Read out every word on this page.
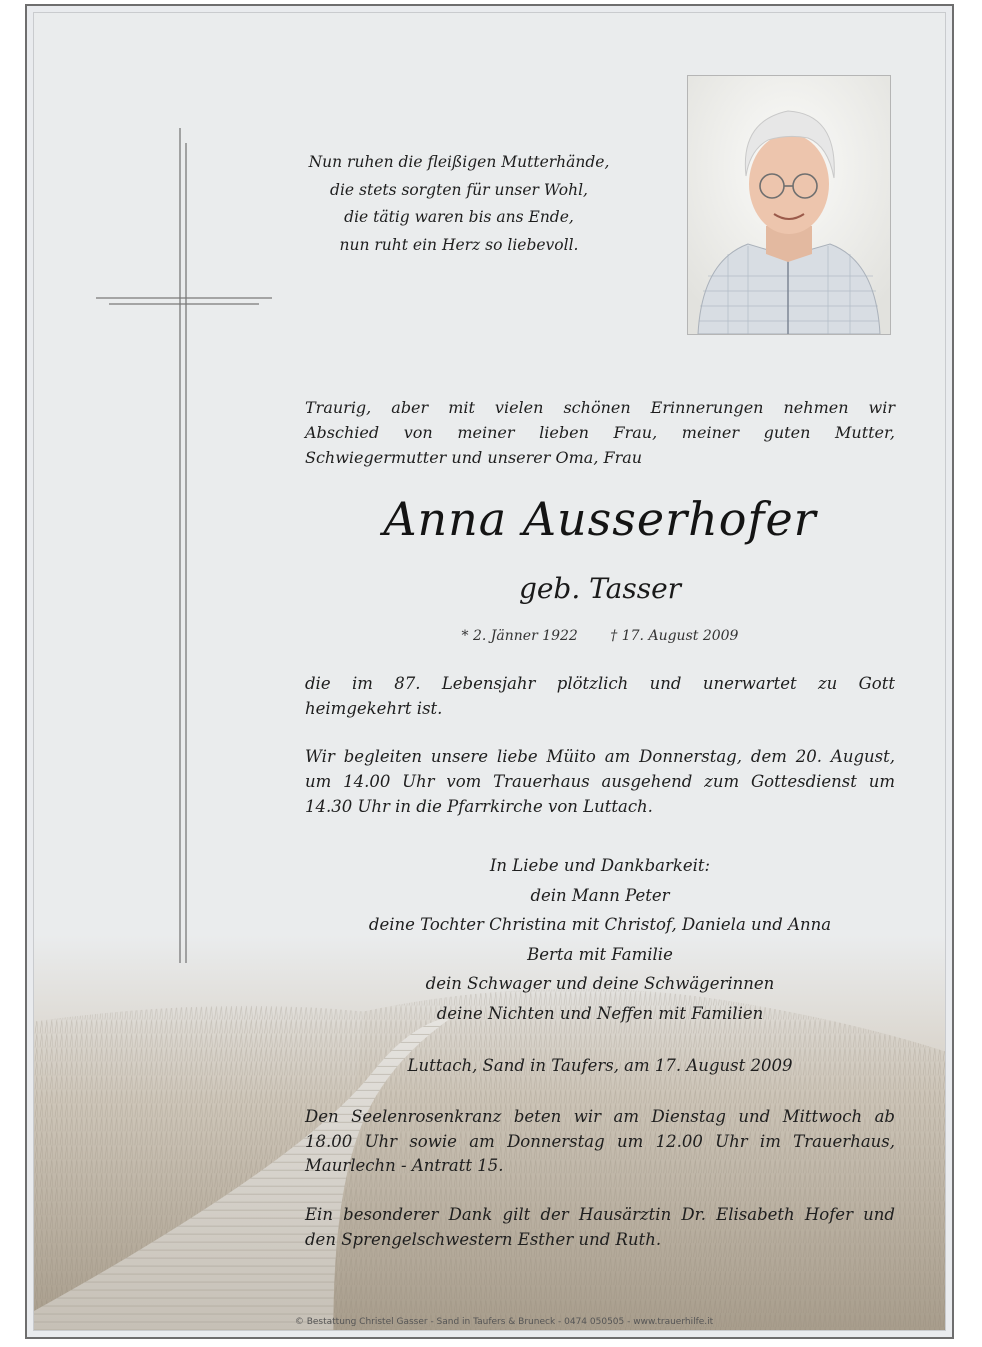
Nun ruhen die fleißigen Mutterhände,
die stets sorgten für unser Wohl,
die tätig waren bis ans Ende,
nun ruht ein Herz so liebevoll.
Traurig, aber mit vielen schönen Erinnerungen nehmen wir
Abschied von meiner lieben Frau, meiner guten Mutter,
Schwiegermutter und unserer Oma, Frau
Anna Ausserhofer
geb. Tasser
* 2. Jänner 1922 † 17. August 2009
die im 87. Lebensjahr plötzlich und unerwartet zu Gott
heimgekehrt ist.
Wir begleiten unsere liebe Müito am Donnerstag, dem 20. August,
um 14.00 Uhr vom Trauerhaus ausgehend zum Gottesdienst um
14.30 Uhr in die Pfarrkirche von Luttach.
In Liebe und Dankbarkeit:
dein Mann Peter
deine Tochter Christina mit Christof, Daniela und Anna
Berta mit Familie
dein Schwager und deine Schwägerinnen
deine Nichten und Neffen mit Familien
Luttach, Sand in Taufers, am 17. August 2009
Den Seelenrosenkranz beten wir am Dienstag und Mittwoch ab
18.00 Uhr sowie am Donnerstag um 12.00 Uhr im Trauerhaus,
Maurlechn - Antratt 15.
Ein besonderer Dank gilt der Hausärztin Dr. Elisabeth Hofer und
den Sprengelschwestern Esther und Ruth.
© Bestattung Christel Gasser - Sand in Taufers & Bruneck - 0474 050505 - www.trauerhilfe.it
